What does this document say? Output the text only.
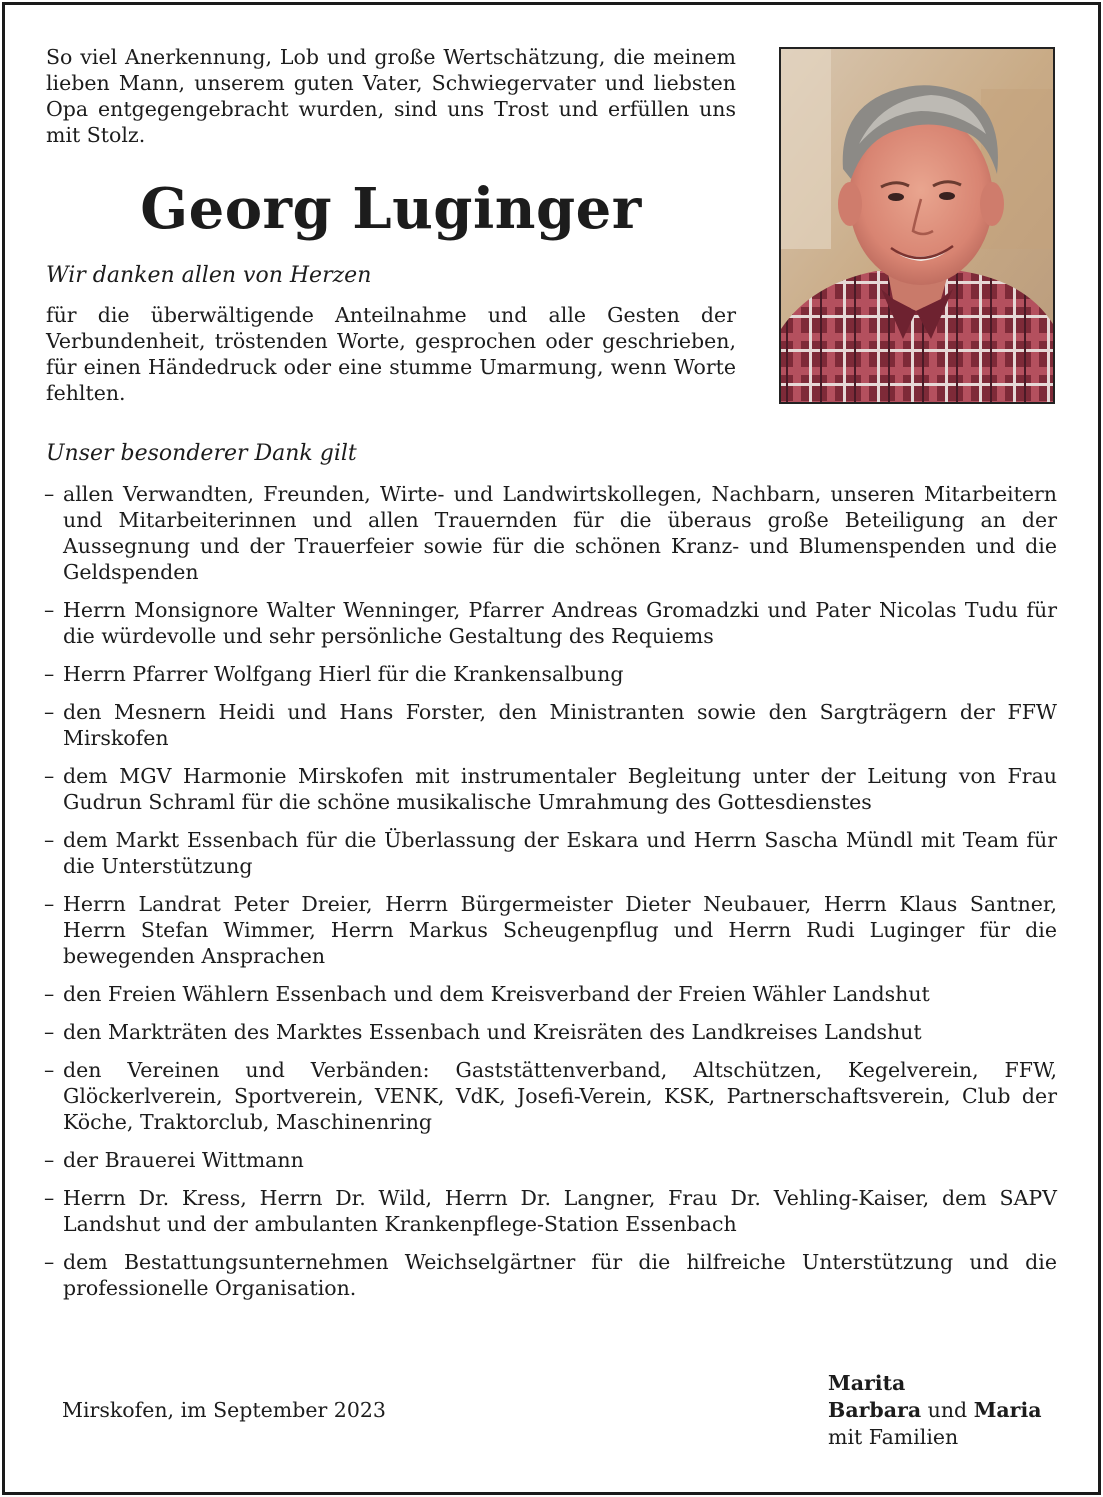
So viel Anerkennung, Lob und große Wertschätzung, die meinem lieben Mann, unserem guten Vater, Schwiegervater und liebsten Opa entgegengebracht wurden, sind uns Trost und erfüllen uns mit Stolz.

Georg Luginger

Wir danken allen von Herzen

für die überwältigende Anteilnahme und alle Gesten der Verbundenheit, tröstenden Worte, gesprochen oder geschrieben, für einen Händedruck oder eine stumme Umarmung, wenn Worte fehlten.

Unser besonderer Dank gilt

– allen Verwandten, Freunden, Wirte- und Landwirtskollegen, Nachbarn, unseren Mitarbeitern und Mitarbeiterinnen und allen Trauernden für die überaus große Beteiligung an der Aussegnung und der Trauerfeier sowie für die schönen Kranz- und Blumenspenden und die Geldspenden
– Herrn Monsignore Walter Wenninger, Pfarrer Andreas Gromadzki und Pater Nicolas Tudu für die würdevolle und sehr persönliche Gestaltung des Requiems
– Herrn Pfarrer Wolfgang Hierl für die Krankensalbung
– den Mesnern Heidi und Hans Forster, den Ministranten sowie den Sargträgern der FFW Mirskofen
– dem MGV Harmonie Mirskofen mit instrumentaler Begleitung unter der Leitung von Frau Gudrun Schraml für die schöne musikalische Umrahmung des Gottesdienstes
– dem Markt Essenbach für die Überlassung der Eskara und Herrn Sascha Mündl mit Team für die Unterstützung
– Herrn Landrat Peter Dreier, Herrn Bürgermeister Dieter Neubauer, Herrn Klaus Santner, Herrn Stefan Wimmer, Herrn Markus Scheugenpflug und Herrn Rudi Luginger für die bewegenden Ansprachen
– den Freien Wählern Essenbach und dem Kreisverband der Freien Wähler Landshut
– den Markträten des Marktes Essenbach und Kreisräten des Landkreises Landshut
– den Vereinen und Verbänden: Gaststättenverband, Altschützen, Kegelverein, FFW, Glöckerlverein, Sportverein, VENK, VdK, Josefi-Verein, KSK, Partnerschaftsverein, Club der Köche, Traktorclub, Maschinenring
– der Brauerei Wittmann
– Herrn Dr. Kress, Herrn Dr. Wild, Herrn Dr. Langner, Frau Dr. Vehling-Kaiser, dem SAPV Landshut und der ambulanten Krankenpflege-Station Essenbach
– dem Bestattungsunternehmen Weichselgärtner für die hilfreiche Unterstützung und die professionelle Organisation.

Mirskofen, im September 2023

Marita
Barbara und Maria
mit Familien
